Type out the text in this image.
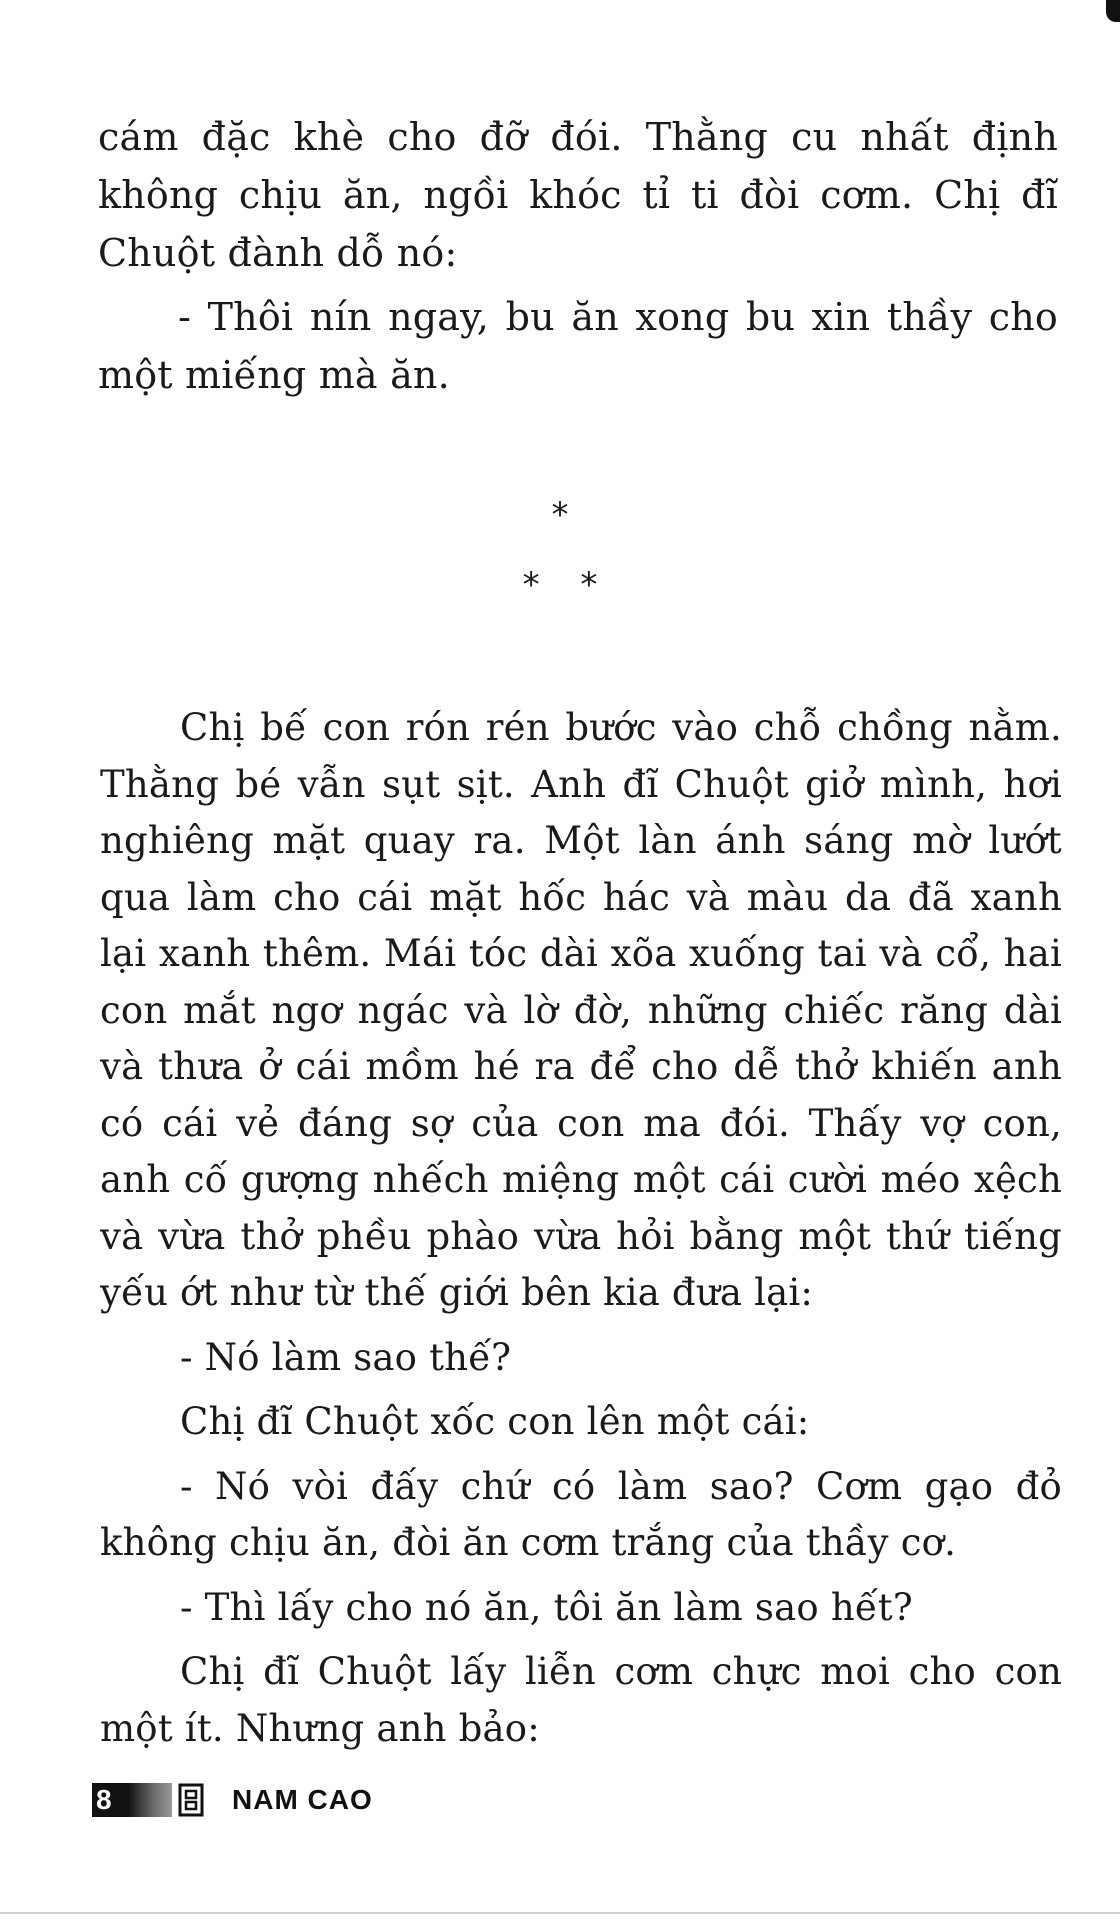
cám đặc khè cho đỡ đói. Thằng cu nhất định không chịu ăn, ngồi khóc tỉ ti đòi cơm. Chị đĩ Chuột đành dỗ nó:

- Thôi nín ngay, bu ăn xong bu xin thầy cho một miếng mà ăn.

*
* *

Chị bế con rón rén bước vào chỗ chồng nằm. Thằng bé vẫn sụt sịt. Anh đĩ Chuột giở mình, hơi nghiêng mặt quay ra. Một làn ánh sáng mờ lướt qua làm cho cái mặt hốc hác và màu da đã xanh lại xanh thêm. Mái tóc dài xõa xuống tai và cổ, hai con mắt ngơ ngác và lờ đờ, những chiếc răng dài và thưa ở cái mồm hé ra để cho dễ thở khiến anh có cái vẻ đáng sợ của con ma đói. Thấy vợ con, anh cố gượng nhếch miệng một cái cười méo xệch và vừa thở phều phào vừa hỏi bằng một thứ tiếng yếu ớt như từ thế giới bên kia đưa lại:

- Nó làm sao thế?

Chị đĩ Chuột xốc con lên một cái:

- Nó vòi đấy chứ có làm sao? Cơm gạo đỏ không chịu ăn, đòi ăn cơm trắng của thầy cơ.

- Thì lấy cho nó ăn, tôi ăn làm sao hết?

Chị đĩ Chuột lấy liễn cơm chực moi cho con một ít. Nhưng anh bảo:

8	NAM CAO
